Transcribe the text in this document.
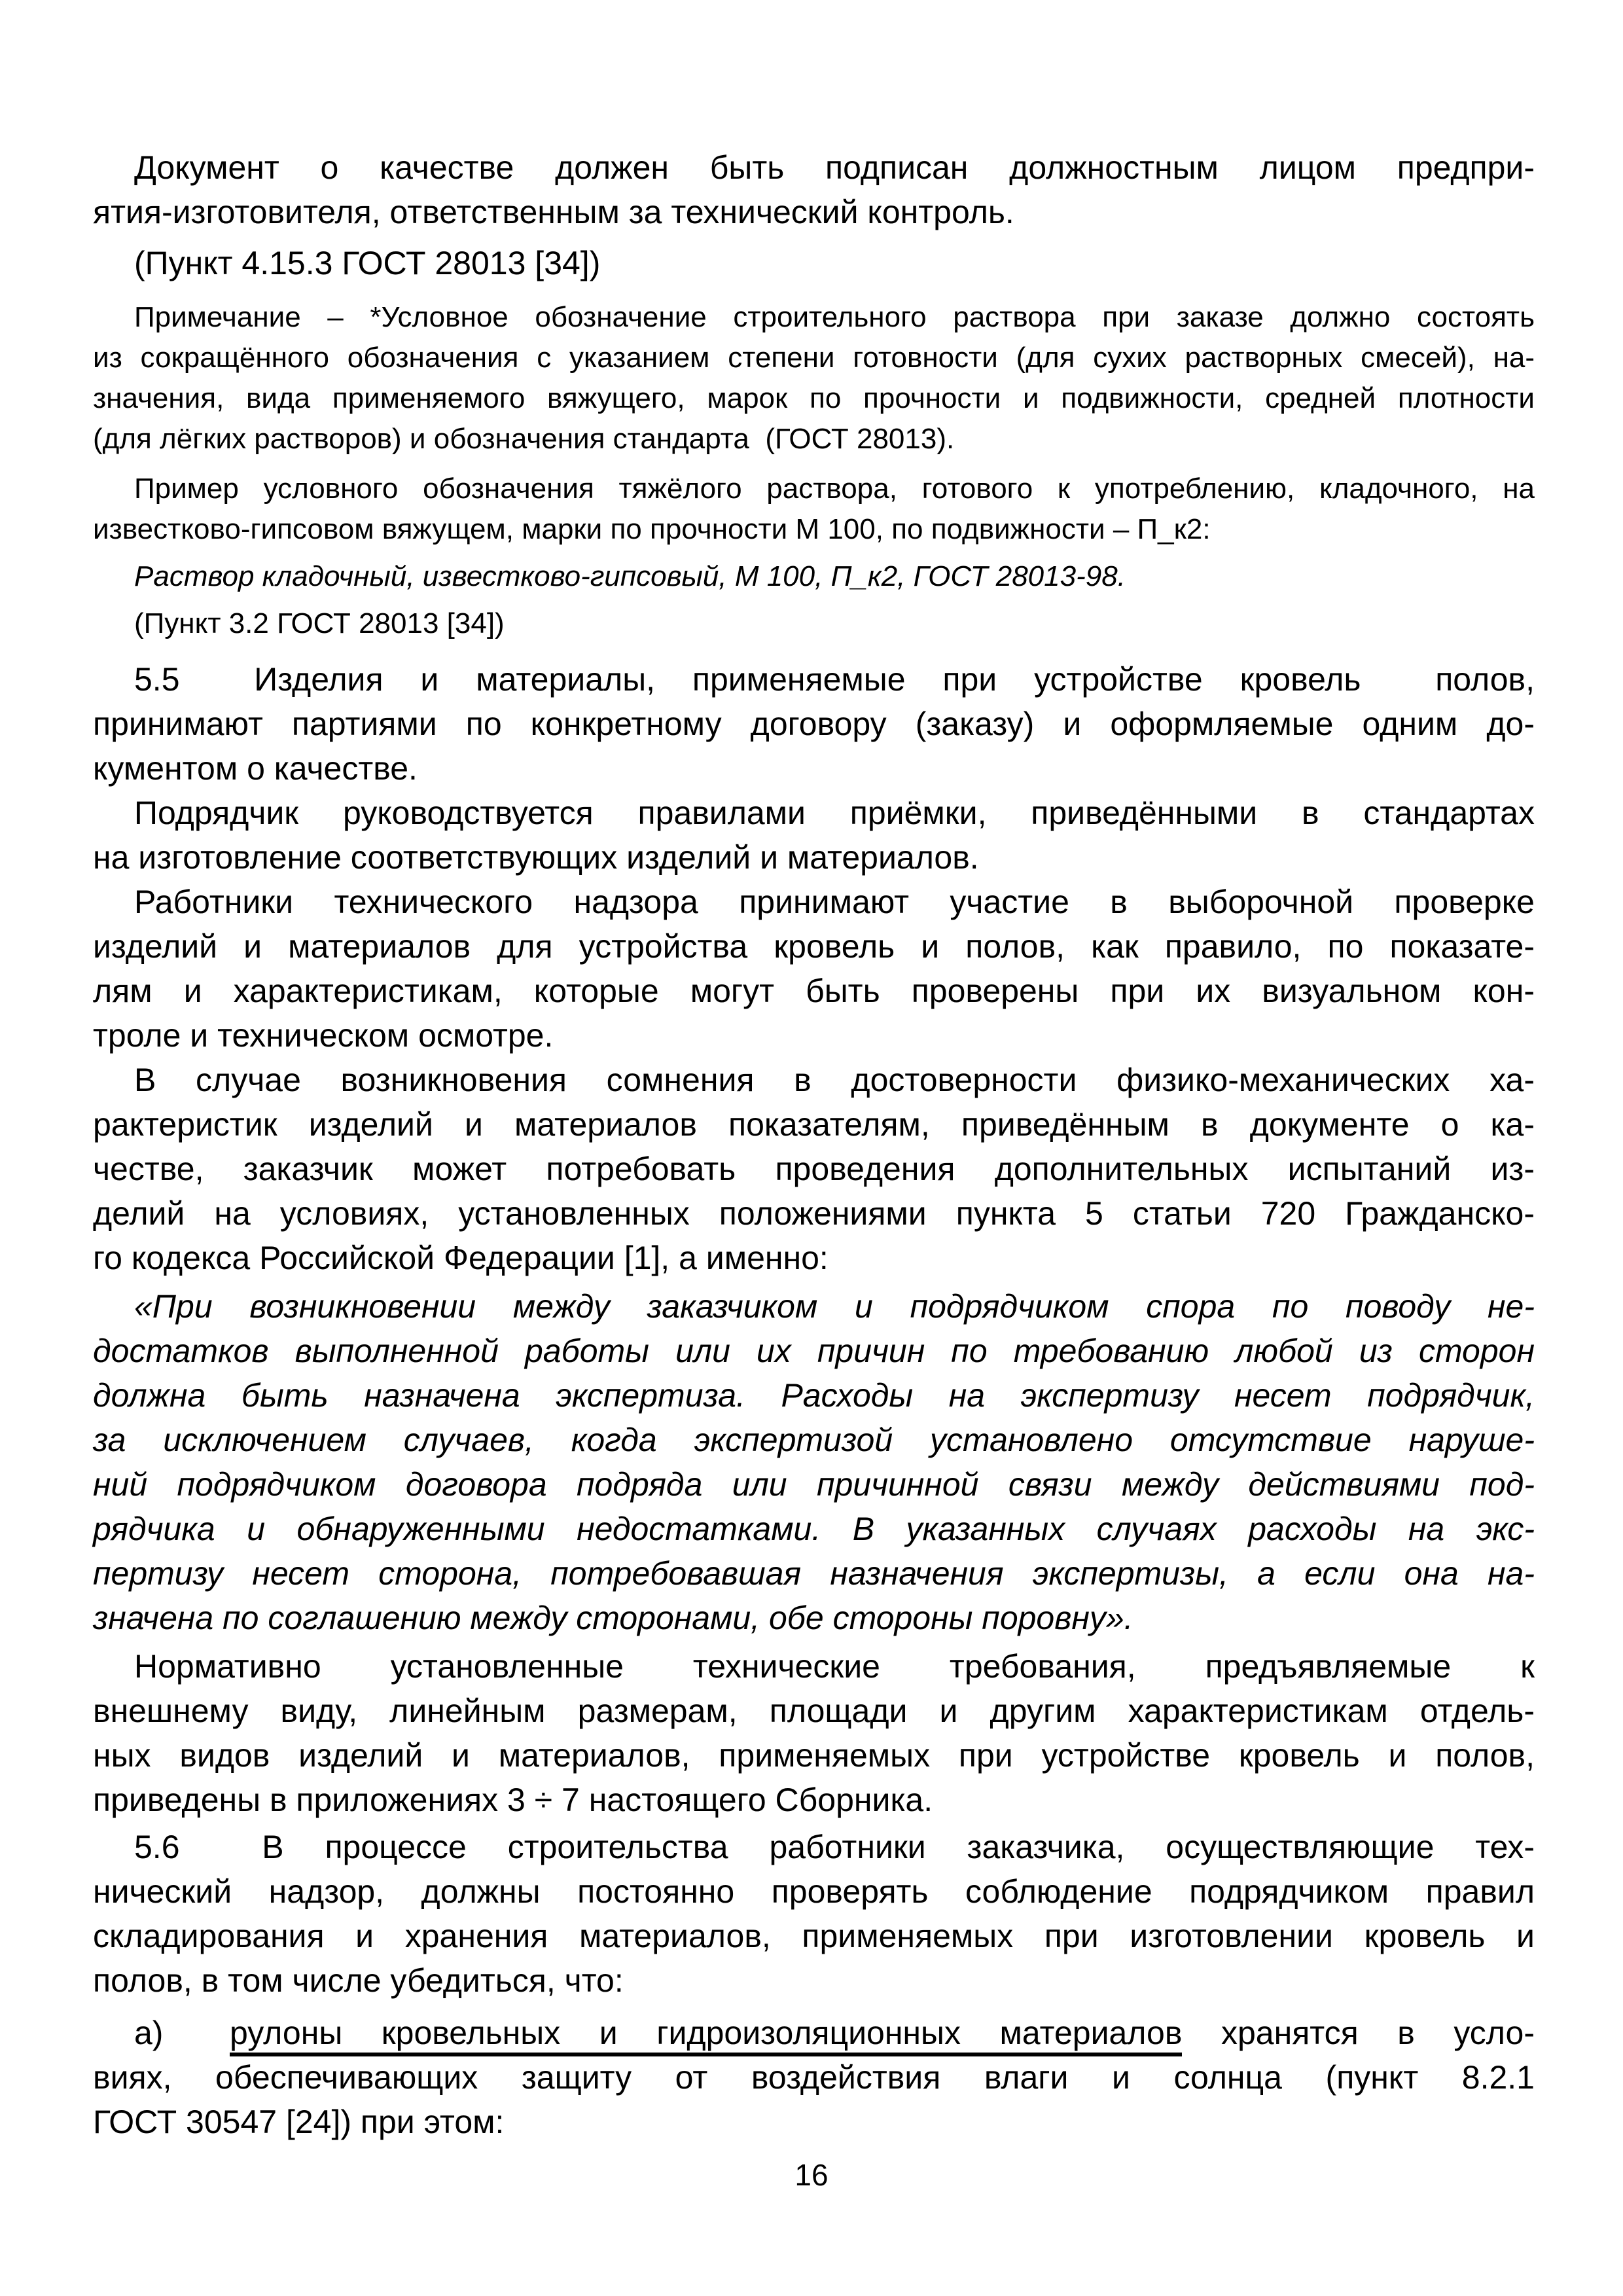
Документ о качестве должен быть подписан должностным лицом предпри-
ятия-изготовителя, ответственным за технический контроль.
(Пункт 4.15.3 ГОСТ 28013 [34])
Примечание – *Условное обозначение строительного раствора при заказе должно состоять
из сокращённого обозначения с указанием степени готовности (для сухих растворных смесей), на-
значения, вида применяемого вяжущего, марок по прочности и подвижности, средней плотности
(для лёгких растворов) и обозначения стандарта  (ГОСТ 28013).
Пример условного обозначения тяжёлого раствора, готового к употреблению, кладочного, на
известково-гипсовом вяжущем, марки по прочности М 100, по подвижности – П_к2:
Раствор кладочный, известково-гипсовый, М 100, П_к2, ГОСТ 28013-98.
(Пункт 3.2 ГОСТ 28013 [34])
5.5  Изделия и материалы, применяемые при устройстве кровель  полов,
принимают партиями по конкретному договору (заказу) и оформляемые одним до-
кументом о качестве.
Подрядчик руководствуется правилами приёмки, приведёнными в стандартах
на изготовление соответствующих изделий и материалов.
Работники технического надзора принимают участие в выборочной проверке
изделий и материалов для устройства кровель и полов, как правило, по показате-
лям и характеристикам, которые могут быть проверены при их визуальном кон-
троле и техническом осмотре.
В случае возникновения сомнения в достоверности физико-механических ха-
рактеристик изделий и материалов показателям, приведённым в документе о ка-
честве, заказчик может потребовать проведения дополнительных испытаний из-
делий на условиях, установленных положениями пункта 5 статьи 720 Гражданско-
го кодекса Российской Федерации [1], а именно:
«При возникновении между заказчиком и подрядчиком спора по поводу не-
достатков выполненной работы или их причин по требованию любой из сторон
должна быть назначена экспертиза. Расходы на экспертизу несет подрядчик,
за исключением случаев, когда экспертизой установлено отсутствие наруше-
ний подрядчиком договора подряда или причинной связи между действиями под-
рядчика и обнаруженными недостатками. В указанных случаях расходы на экс-
пертизу несет сторона, потребовавшая назначения экспертизы, а если она на-
значена по соглашению между сторонами, обе стороны поровну».
Нормативно установленные технические требования, предъявляемые к
внешнему виду, линейным размерам, площади и другим характеристикам отдель-
ных видов изделий и материалов, применяемых при устройстве кровель и полов,
приведены в приложениях 3 ÷ 7 настоящего Сборника.
5.6  В процессе строительства работники заказчика, осуществляющие тех-
нический надзор, должны постоянно проверять соблюдение подрядчиком правил
складирования и хранения материалов, применяемых при изготовлении кровель и
полов, в том числе убедиться, что:
а) рулоны кровельных и гидроизоляционных материалов хранятся в усло-
виях, обеспечивающих защиту от воздействия влаги и солнца (пункт 8.2.1
ГОСТ 30547 [24]) при этом:
16
